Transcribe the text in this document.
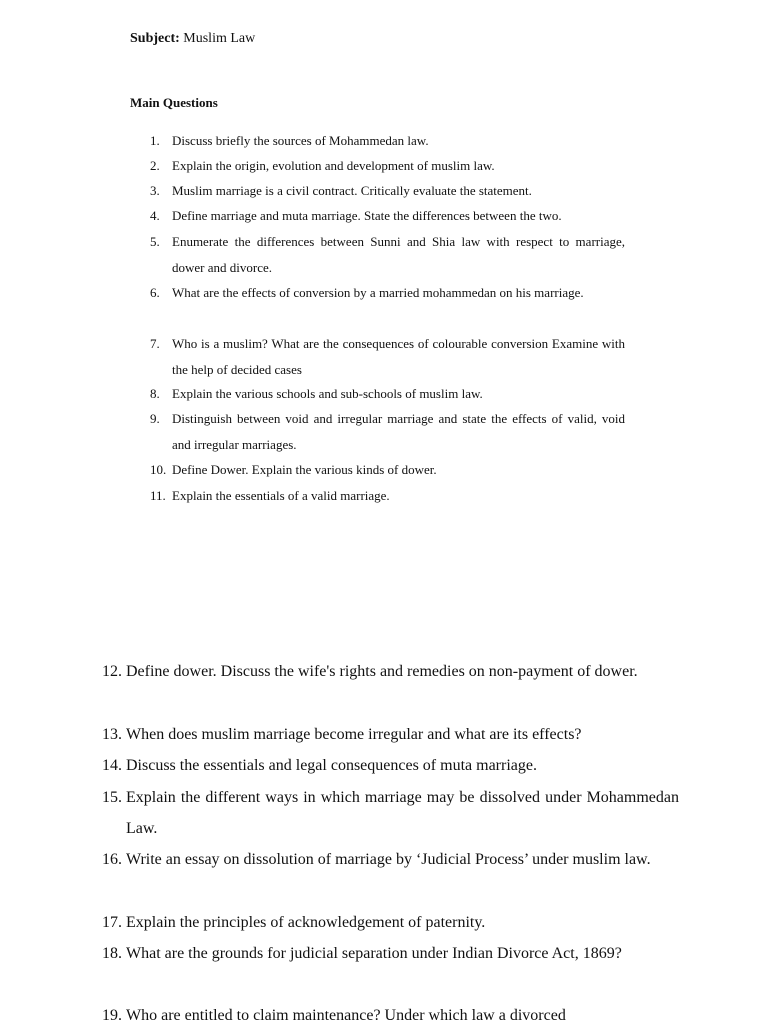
Subject: Muslim Law
Main Questions
1. Discuss briefly the sources of Mohammedan law.
2. Explain the origin, evolution and development of muslim law.
3. Muslim marriage is a civil contract. Critically evaluate the statement.
4. Define marriage and muta marriage. State the differences between the two.
5. Enumerate the differences between Sunni and Shia law with respect to marriage, dower and divorce.
6. What are the effects of conversion by a married mohammedan on his marriage.
7. Who is a muslim? What are the consequences of colourable conversion Examine with the help of decided cases
8. Explain the various schools and sub-schools of muslim law.
9. Distinguish between void and irregular marriage and state the effects of valid, void and irregular marriages.
10. Define Dower. Explain the various kinds of dower.
11. Explain the essentials of a valid marriage.
12. Define dower. Discuss the wife's rights and remedies on non-payment of dower.
13. When does muslim marriage become irregular and what are its effects?
14. Discuss the essentials and legal consequences of muta marriage.
15. Explain the different ways in which marriage may be dissolved under Mohammedan Law.
16. Write an essay on dissolution of marriage by ‘Judicial Process’ under muslim law.
17. Explain the principles of acknowledgement of paternity.
18. What are the grounds for judicial separation under Indian Divorce Act, 1869?
19. Who are entitled to claim maintenance? Under which law a divorced
